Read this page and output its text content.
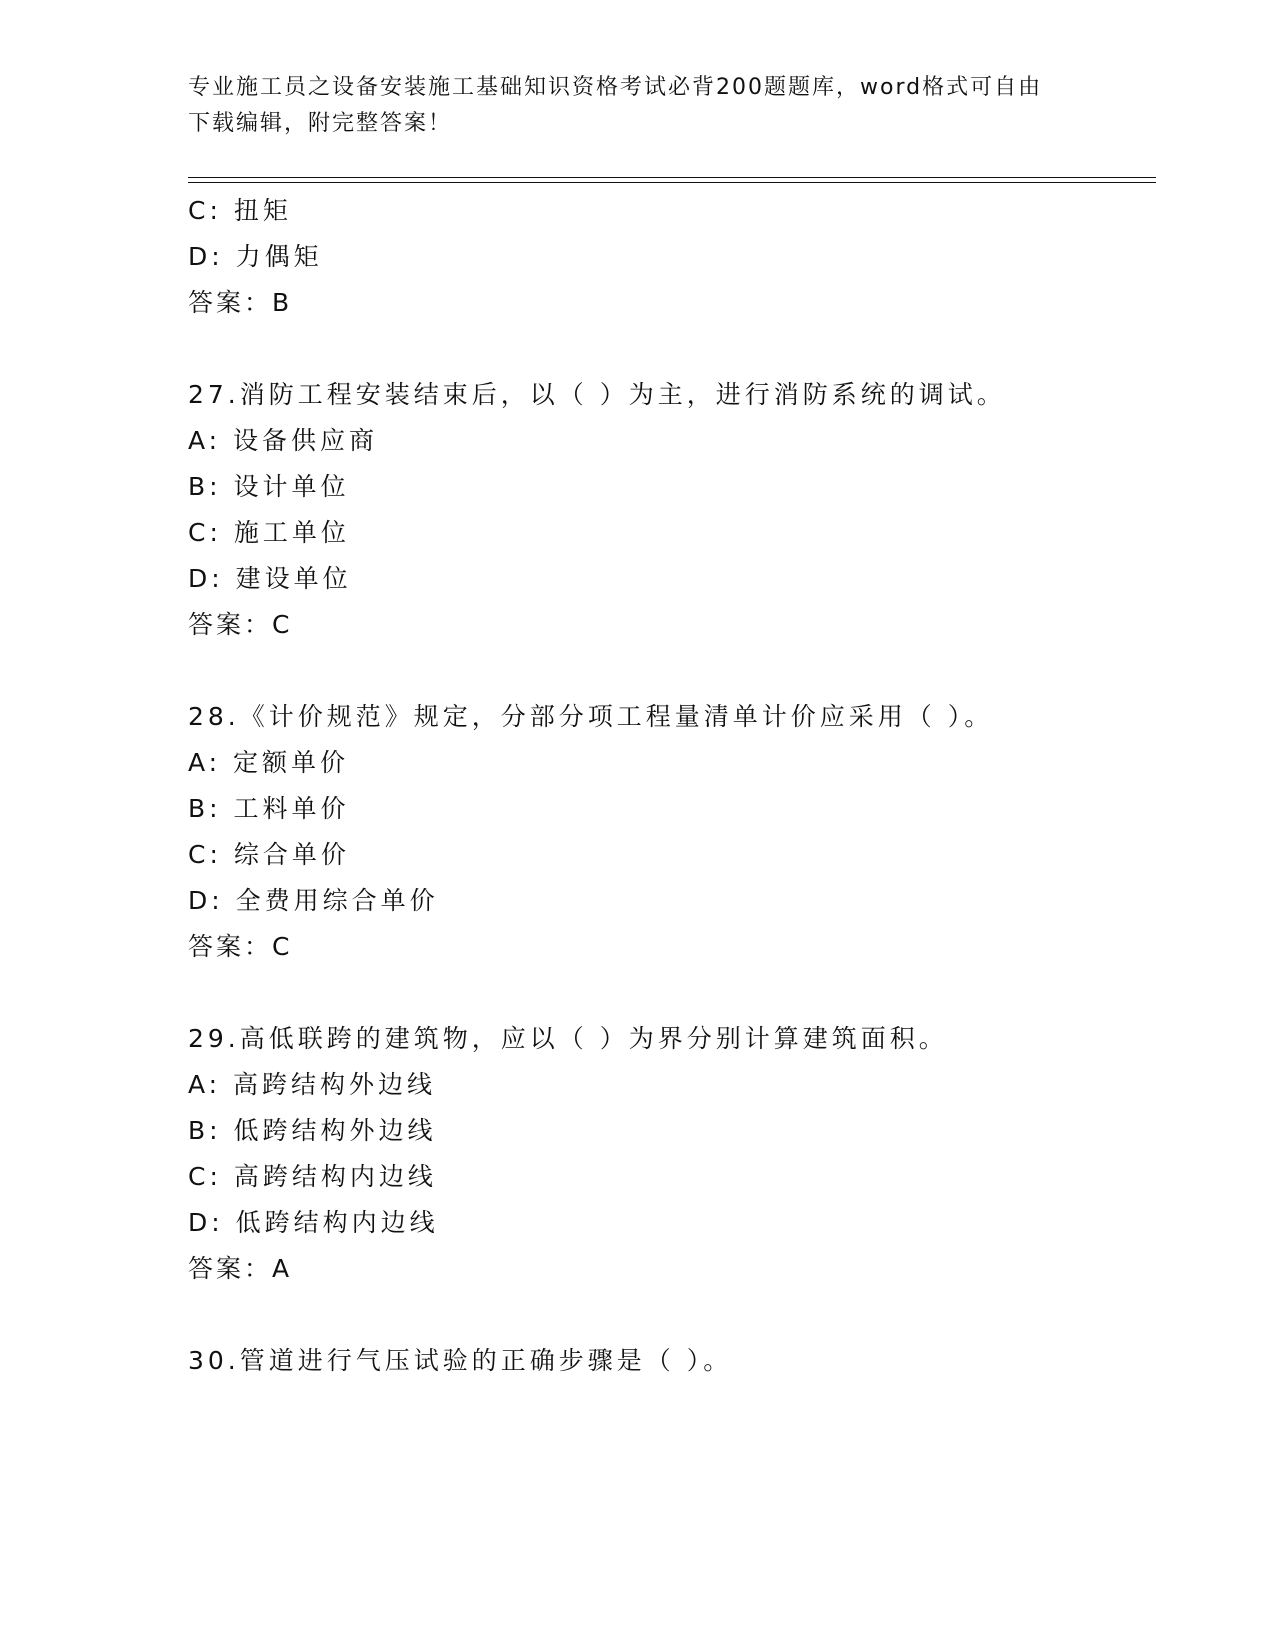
专业施工员之设备安装施工基础知识资格考试必背200题题库，word格式可自由
下载编辑，附完整答案！
C: 扭矩
D: 力偶矩
答案：B
27.消防工程安装结束后，以（ ）为主，进行消防系统的调试。
A: 设备供应商
B: 设计单位
C: 施工单位
D: 建设单位
答案：C
28.《计价规范》规定，分部分项工程量清单计价应采用（ ）。
A: 定额单价
B: 工料单价
C: 综合单价
D: 全费用综合单价
答案：C
29.高低联跨的建筑物，应以（ ）为界分别计算建筑面积。
A: 高跨结构外边线
B: 低跨结构外边线
C: 高跨结构内边线
D: 低跨结构内边线
答案：A
30.管道进行气压试验的正确步骤是（ ）。
